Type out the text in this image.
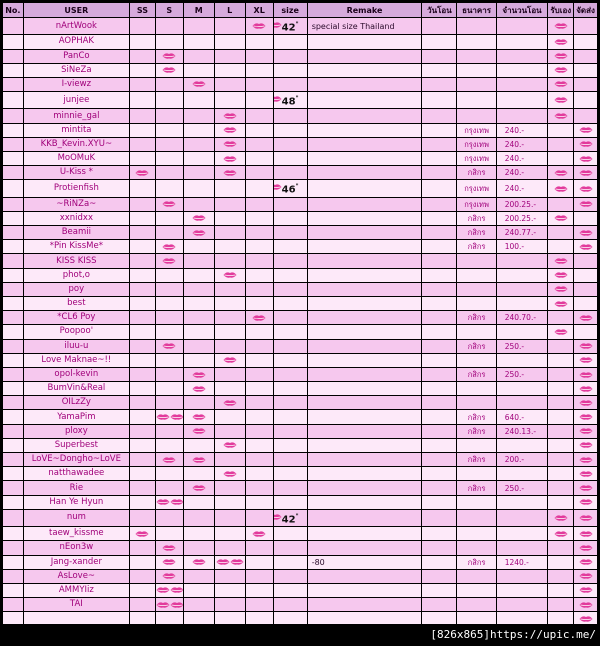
No.	USER	SS	S	M	L	XL	size	Remake	วันโอน	ธนาคาร	จำนวนโอน	รับเอง	จัดส่ง
	nArtWook						42"	special size Thailand					
	AOPHAK												
	PanCo												
	SiNeZa												
	I-viewz												
	junjee						48"						
	minnie_gal												
	mintita									กรุงเทพ	240.-		
	KKB_Kevin.XYU~									กรุงเทพ	240.-		
	MoOMuK									กรุงเทพ	240.-		
	U-Kiss *									กสิกร	240.-		
	Protienfish						46"			กรุงเทพ	240.-		
	~RiNZa~									กรุงเทพ	200.25.-		
	xxnidxx									กสิกร	200.25.-		
	Beamii									กสิกร	240.77.-		
	*Pin KissMe*									กสิกร	100.-		
	KISS KISS												
	phot,o												
	poy												
	best												
	*CL6 Poy									กสิกร	240.70.-		
	Poopoo'												
	iluu-u									กสิกร	250.-		
	Love Maknae~!!												
	opol-kevin									กสิกร	250.-		
	BumVin&Real												
	OILzZy												
	YamaPim									กสิกร	640.-		
	ploxy									กสิกร	240.13.-		
	Superbest												
	LoVE~Dongho~LoVE									กสิกร	200.-		
	natthawadee												
	Rie									กสิกร	250.-		
	Han Ye Hyun												
	num						42"						
	taew_kissme												
	nEon3w												
	Jang-xander							-80		กสิกร	1240.-		
	AsLove~												
	AMMYIiz												
	TAI												

[826x865]https://upic.me/
